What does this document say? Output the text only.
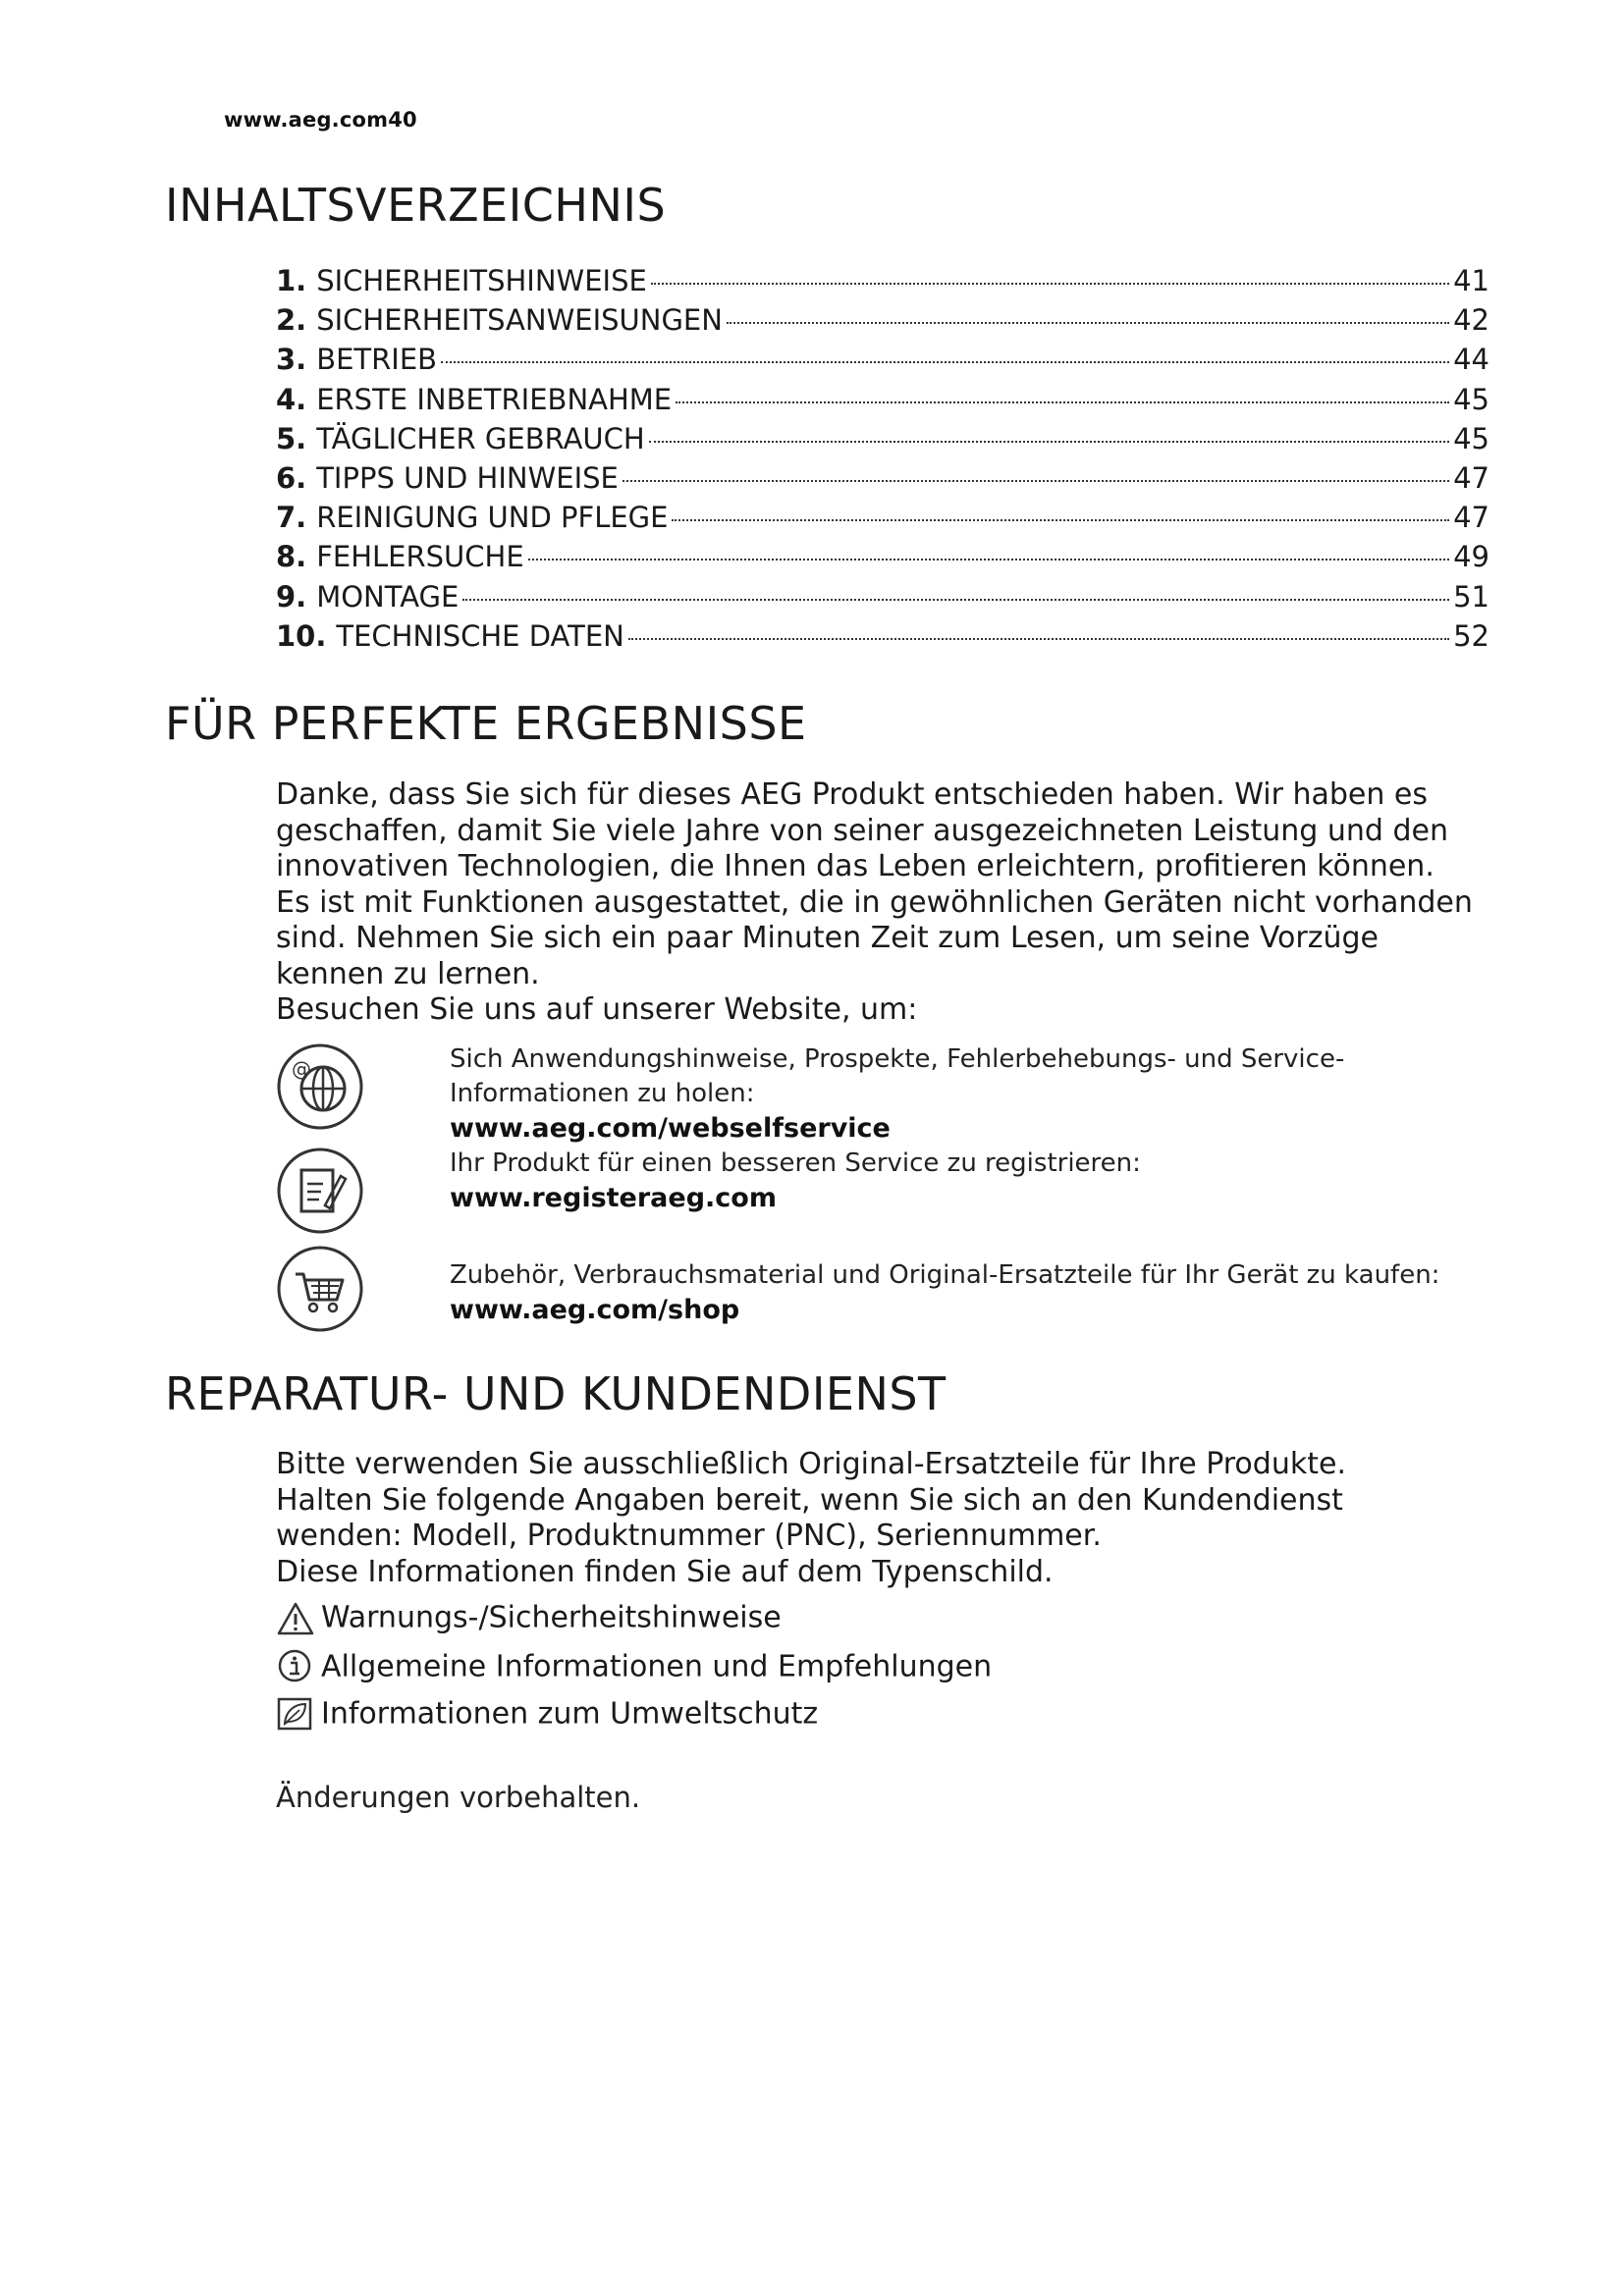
www.aeg.com40
INHALTSVERZEICHNIS
1. SICHERHEITSHINWEISE	41
2. SICHERHEITSANWEISUNGEN	42
3. BETRIEB	44
4. ERSTE INBETRIEBNAHME	45
5. TÄGLICHER GEBRAUCH	45
6. TIPPS UND HINWEISE	47
7. REINIGUNG UND PFLEGE	47
8. FEHLERSUCHE	49
9. MONTAGE	51
10. TECHNISCHE DATEN	52
FÜR PERFEKTE ERGEBNISSE

Danke, dass Sie sich für dieses AEG Produkt entschieden haben. Wir haben es

geschaffen, damit Sie viele Jahre von seiner ausgezeichneten Leistung und den

innovativen Technologien, die Ihnen das Leben erleichtern, profitieren können.

Es ist mit Funktionen ausgestattet, die in gewöhnlichen Geräten nicht vorhanden

sind. Nehmen Sie sich ein paar Minuten Zeit zum Lesen, um seine Vorzüge

kennen zu lernen.

Besuchen Sie uns auf unserer Website, um:

@	Sich Anwendungshinweise, Prospekte, Fehlerbehebungs- und Service-
Informationen zu holen:
www.aeg.com/webselfservice
Ihr Produkt für einen besseren Service zu registrieren:
www.registeraeg.com
Zubehör, Verbrauchsmaterial und Original-Ersatzteile für Ihr Gerät zu kaufen:
www.aeg.com/shop
REPARATUR- UND KUNDENDIENST

Bitte verwenden Sie ausschließlich Original-Ersatzteile für Ihre Produkte.

Halten Sie folgende Angaben bereit, wenn Sie sich an den Kundendienst

wenden: Modell, Produktnummer (PNC), Seriennummer.

Diese Informationen finden Sie auf dem Typenschild.

Warnungs-/Sicherheitshinweise
Allgemeine Informationen und Empfehlungen
Informationen zum Umweltschutz
Änderungen vorbehalten.
